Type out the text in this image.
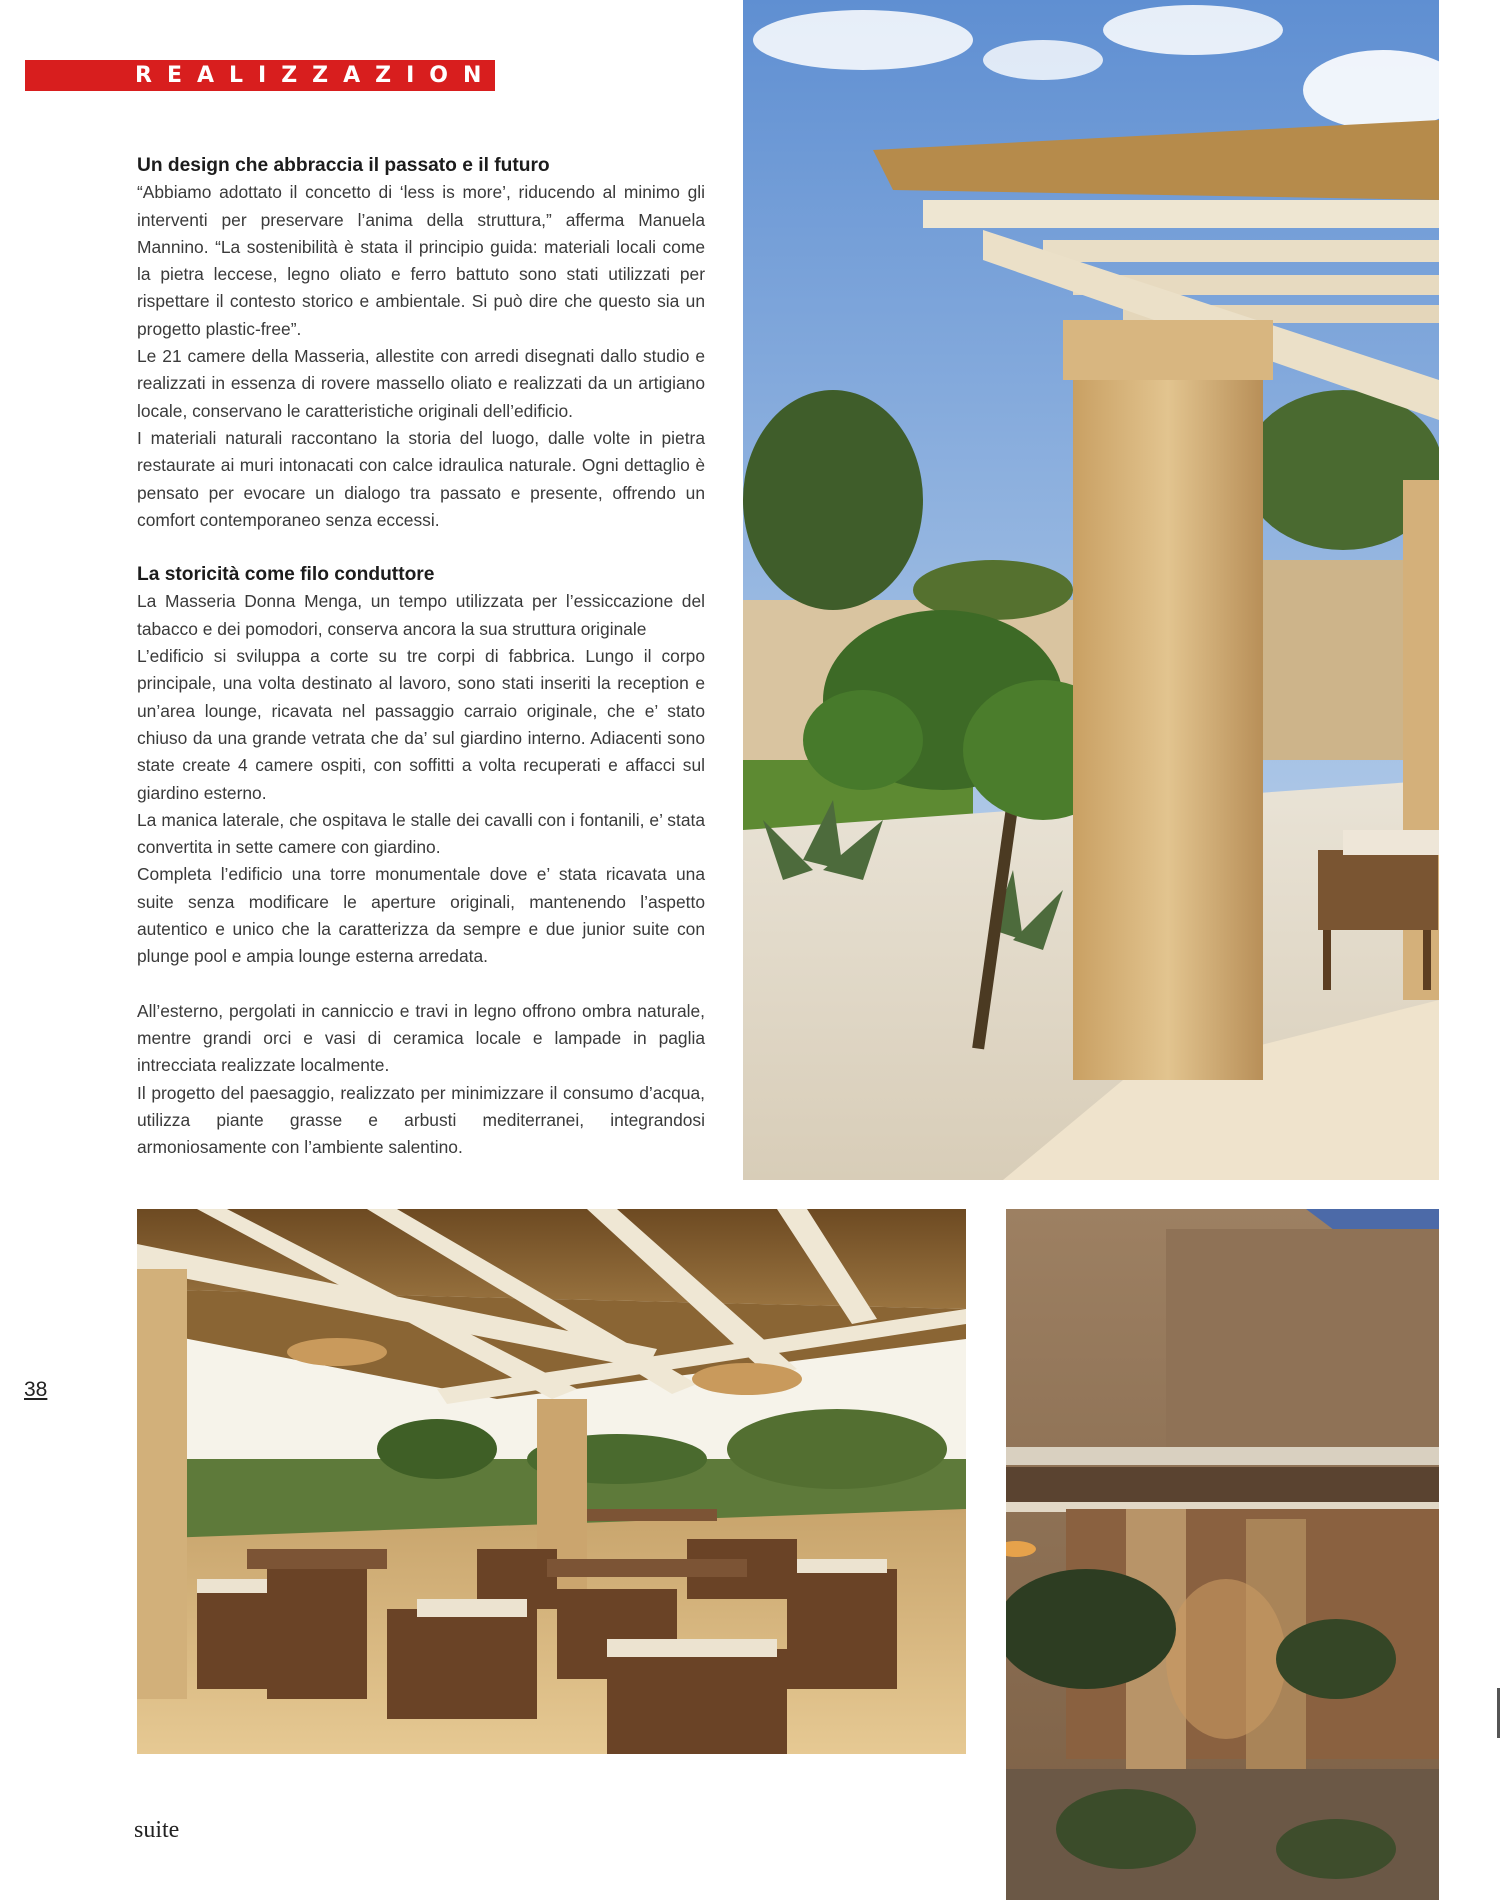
REALIZZAZIONE
Un design che abbraccia il passato e il futuro

“Abbiamo adottato il concetto di ‘less is more’, riducendo al minimo gli interventi per preservare l’anima della struttura,” afferma Manuela Mannino. “La sostenibilità è stata il principio guida: materiali locali come la pietra leccese, legno oliato e ferro battuto sono stati utilizzati per rispettare il contesto storico e ambientale. Si può dire che questo sia un progetto plastic-free”.

Le 21 camere della Masseria, allestite con arredi disegnati dallo studio e realizzati in essenza di rovere massello oliato e realizzati da un artigiano locale, conservano le caratteristiche originali dell’edificio.

I materiali naturali raccontano la storia del luogo, dalle volte in pietra restaurate ai muri intonacati con calce idraulica naturale. Ogni dettaglio è pensato per evocare un dialogo tra passato e presente, offrendo un comfort contemporaneo senza eccessi.

La storicità come filo conduttore

La Masseria Donna Menga, un tempo utilizzata per l’essiccazione del tabacco e dei pomodori, conserva ancora la sua struttura originale

L’edificio si sviluppa a corte su tre corpi di fabbrica. Lungo il corpo principale, una volta destinato al lavoro, sono stati inseriti la reception e un’area lounge, ricavata nel passaggio carraio originale, che e’ stato chiuso da una grande vetrata che da’ sul giardino interno. Adiacenti sono state create 4 camere ospiti, con soffitti a volta recuperati e affacci sul giardino esterno.

La manica laterale, che ospitava le stalle dei cavalli con i fontanili, e’ stata convertita in sette camere con giardino.

Completa l’edificio una torre monumentale dove e’ stata ricavata una suite senza modificare le aperture originali, mantenendo l’aspetto autentico e unico che la caratterizza da sempre e due junior suite con plunge pool e ampia lounge esterna arredata.

All’esterno, pergolati in canniccio e travi in legno offrono ombra naturale, mentre grandi orci e vasi di ceramica locale e lampade in paglia intrecciata realizzate localmente.

Il progetto del paesaggio, realizzato per minimizzare il consumo d’acqua, utilizza piante grasse e arbusti mediterranei, integrandosi armoniosamente con l’ambiente salentino.

38
suite
